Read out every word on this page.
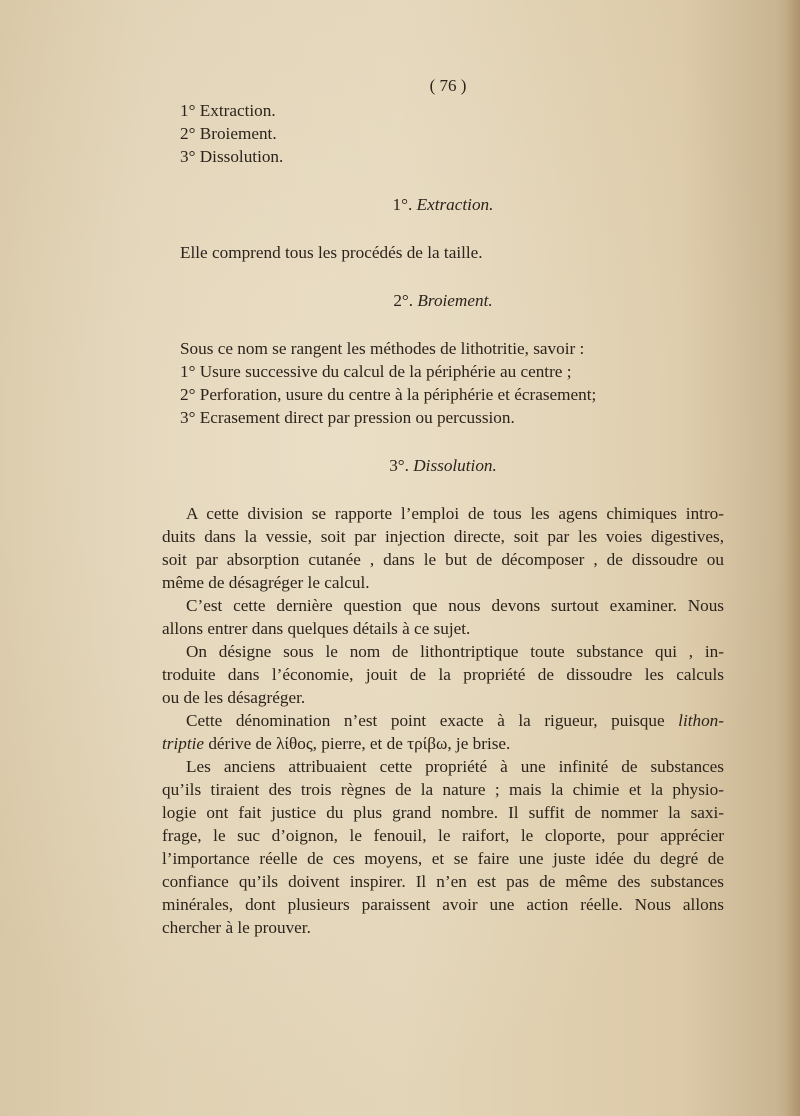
( 76 )
1° Extraction.
2° Broiement.
3° Dissolution.
1°. Extraction.
Elle comprend tous les procédés de la taille.
2°. Broiement.
Sous ce nom se rangent les méthodes de lithotritie, savoir :
1° Usure successive du calcul de la périphérie au centre ;
2° Perforation, usure du centre à la périphérie et écrasement;
3° Ecrasement direct par pression ou percussion.
3°. Dissolution.
A cette division se rapporte l’emploi de tous les agens chimiques intro-
duits dans la vessie, soit par injection directe, soit par les voies digestives,
soit par absorption cutanée , dans le but de décomposer , de dissoudre ou
même de désagréger le calcul.
C’est cette dernière question que nous devons surtout examiner. Nous
allons entrer dans quelques détails à ce sujet.
On désigne sous le nom de lithontriptique toute substance qui , in-
troduite dans l’économie, jouit de la propriété de dissoudre les calculs
ou de les désagréger.
Cette dénomination n’est point exacte à la rigueur, puisque lithon-
triptie dérive de λίθος, pierre, et de τρίβω, je brise.
Les anciens attribuaient cette propriété à une infinité de substances
qu’ils tiraient des trois règnes de la nature ; mais la chimie et la physio-
logie ont fait justice du plus grand nombre. Il suffit de nommer la saxi-
frage, le suc d’oignon, le fenouil, le raifort, le cloporte, pour apprécier
l’importance réelle de ces moyens, et se faire une juste idée du degré de
confiance qu’ils doivent inspirer. Il n’en est pas de même des substances
minérales, dont plusieurs paraissent avoir une action réelle. Nous allons
chercher à le prouver.
